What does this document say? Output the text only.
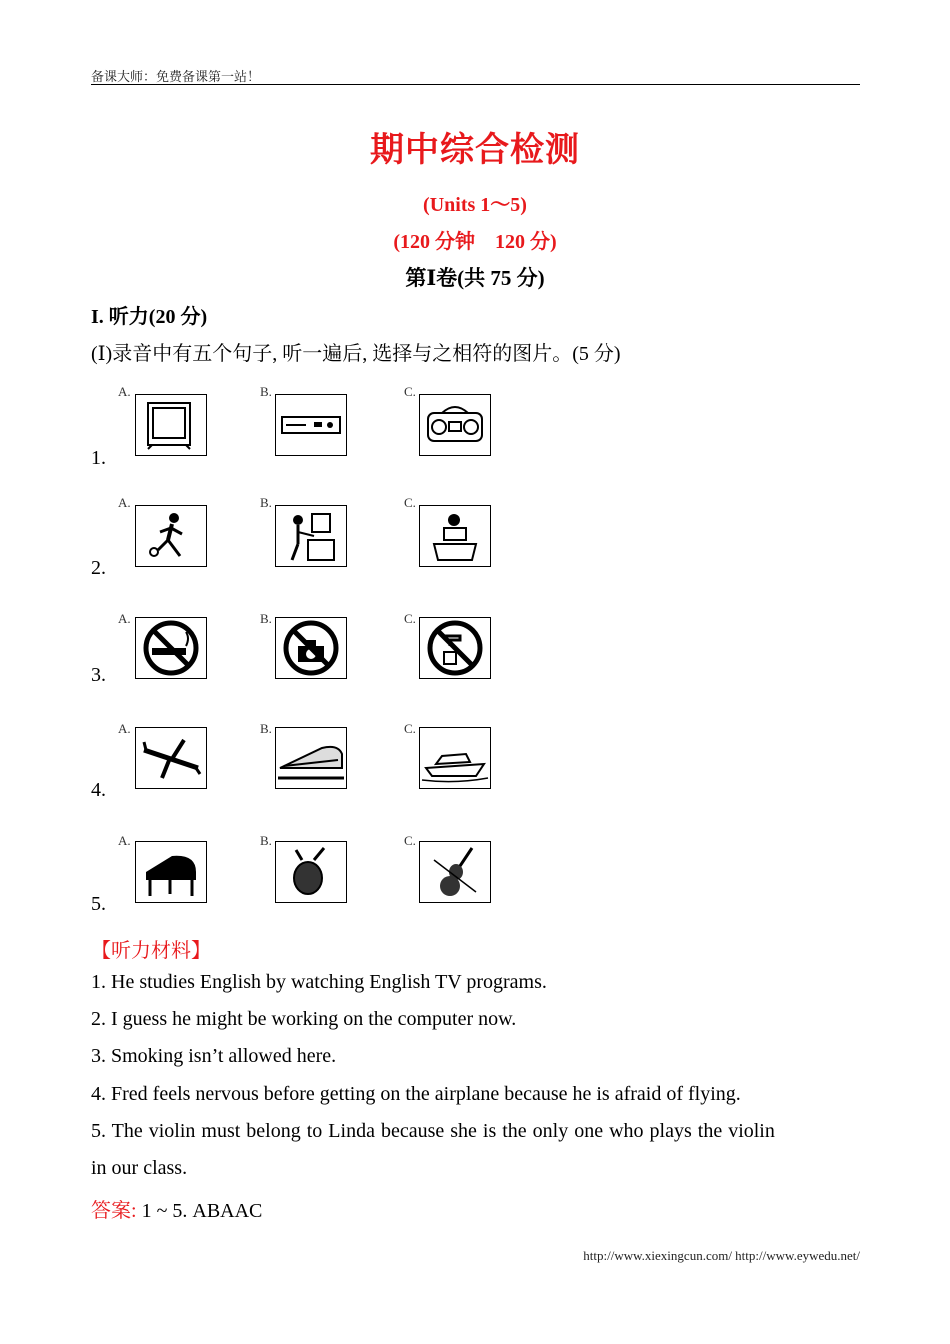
备课大师：免费备课第一站！
期中综合检测
(Units 1～5)
(120 分钟　120 分)
第Ⅰ卷(共 75 分)
I. 听力(20 分)
(Ⅰ)录音中有五个句子, 听一遍后, 选择与之相符的图片。(5 分)
1.
A.	B.	C.
2.
A.	B.	C.
3.
A.	B.	C.
4.
A.	B.	C.
5.
A.	B.	C.
【听力材料】
1. He studies English by watching English TV programs.
2. I guess he might be working on the computer now.
3. Smoking isn’t allowed here.
4. Fred feels nervous before getting on the airplane because he is afraid of flying.
5. The violin must belong to Linda because she is the only one who plays the violin
in our class.
答案: 1 ~ 5. ABAAC
http://www.xiexingcun.com/ http://www.eywedu.net/
